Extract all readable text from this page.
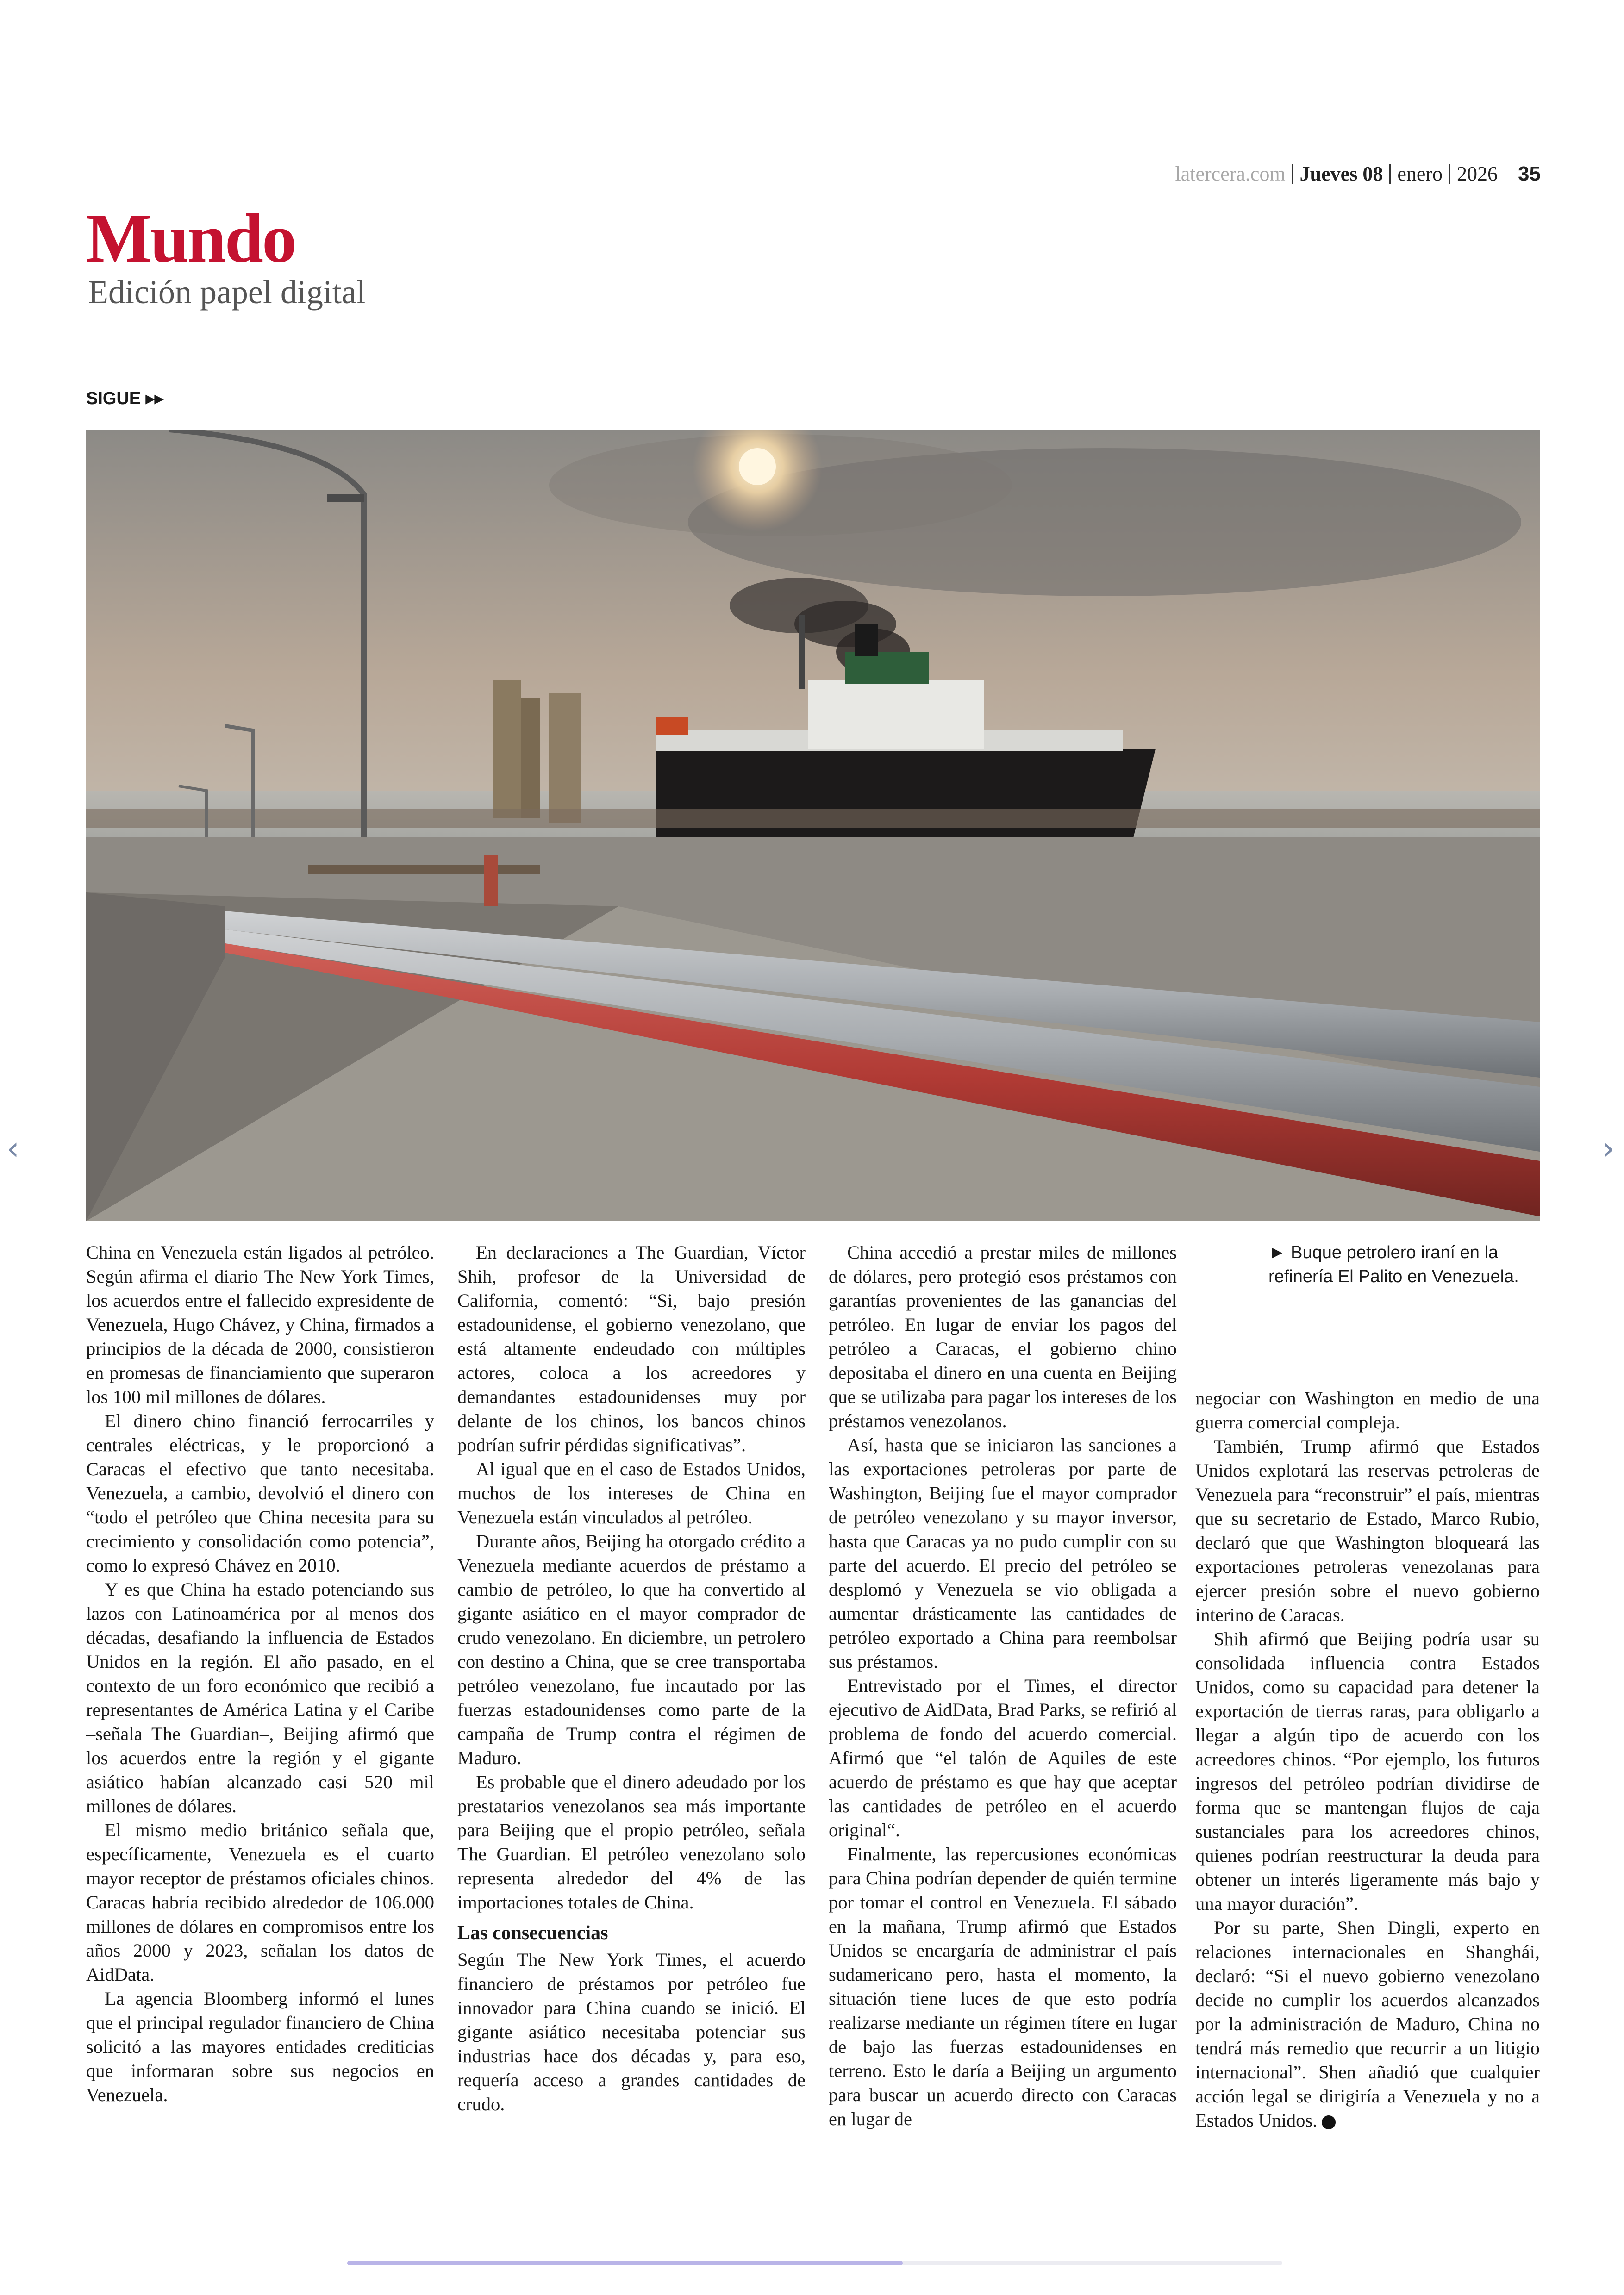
latercera.com Jueves 08 enero 2026 35
Mundo
Edición papel digital
SIGUE ▸▸

China en Venezuela están ligados al petróleo. Según afirma el diario The New York Times, los acuerdos entre el fallecido expresidente de Venezuela, Hugo Chávez, y China, firmados a principios de la década de 2000, consistieron en promesas de financiamiento que superaron los 100 mil millones de dólares.

El dinero chino financió ferrocarriles y centrales eléctricas, y le proporcionó a Caracas el efectivo que tanto necesitaba. Venezuela, a cambio, devolvió el dinero con “todo el petróleo que China necesita para su crecimiento y consolidación como potencia”, como lo expresó Chávez en 2010.

Y es que China ha estado potenciando sus lazos con Latinoamérica por al menos dos décadas, desafiando la influencia de Estados Unidos en la región. El año pasado, en el contexto de un foro económico que recibió a representantes de América Latina y el Caribe –señala The Guardian–, Beijing afirmó que los acuerdos entre la región y el gigante asiático habían alcanzado casi 520 mil millones de dólares.

El mismo medio británico señala que, específicamente, Venezuela es el cuarto mayor receptor de préstamos oficiales chinos. Caracas habría recibido alrededor de 106.000 millones de dólares en compromisos entre los años 2000 y 2023, señalan los datos de AidData.

La agencia Bloomberg informó el lunes que el principal regulador financiero de China solicitó a las mayores entidades crediticias que informaran sobre sus negocios en Venezuela.

En declaraciones a The Guardian, Víctor Shih, profesor de la Universidad de California, comentó: “Si, bajo presión estadounidense, el gobierno venezolano, que está altamente endeudado con múltiples actores, coloca a los acreedores y demandantes estadounidenses muy por delante de los chinos, los bancos chinos podrían sufrir pérdidas significativas”.

Al igual que en el caso de Estados Unidos, muchos de los intereses de China en Venezuela están vinculados al petróleo.

Durante años, Beijing ha otorgado crédito a Venezuela mediante acuerdos de préstamo a cambio de petróleo, lo que ha convertido al gigante asiático en el mayor comprador de crudo venezolano. En diciembre, un petrolero con destino a China, que se cree transportaba petróleo venezolano, fue incautado por las fuerzas estadounidenses como parte de la campaña de Trump contra el régimen de Maduro.

Es probable que el dinero adeudado por los prestatarios venezolanos sea más importante para Beijing que el propio petróleo, señala The Guardian. El petróleo venezolano solo representa alrededor del 4% de las importaciones totales de China.

Las consecuencias

Según The New York Times, el acuerdo financiero de préstamos por petróleo fue innovador para China cuando se inició. El gigante asiático necesitaba potenciar sus industrias hace dos décadas y, para eso, requería acceso a grandes cantidades de crudo.

China accedió a prestar miles de millones de dólares, pero protegió esos préstamos con garantías provenientes de las ganancias del petróleo. En lugar de enviar los pagos del petróleo a Caracas, el gobierno chino depositaba el dinero en una cuenta en Beijing que se utilizaba para pagar los intereses de los préstamos venezolanos.

Así, hasta que se iniciaron las sanciones a las exportaciones petroleras por parte de Washington, Beijing fue el mayor comprador de petróleo venezolano y su mayor inversor, hasta que Caracas ya no pudo cumplir con su parte del acuerdo. El precio del petróleo se desplomó y Venezuela se vio obligada a aumentar drásticamente las cantidades de petróleo exportado a China para reembolsar sus préstamos.

Entrevistado por el Times, el director ejecutivo de AidData, Brad Parks, se refirió al problema de fondo del acuerdo comercial. Afirmó que “el talón de Aquiles de este acuerdo de préstamo es que hay que aceptar las cantidades de petróleo en el acuerdo original“.

Finalmente, las repercusiones económicas para China podrían depender de quién termine por tomar el control en Venezuela. El sábado en la mañana, Trump afirmó que Estados Unidos se encargaría de administrar el país sudamericano pero, hasta el momento, la situación tiene luces de que esto podría realizarse mediante un régimen títere en lugar de bajo las fuerzas estadounidenses en terreno. Esto le daría a Beijing un argumento para buscar un acuerdo directo con Caracas en lugar de

► Buque petrolero iraní en la refinería El Palito en Venezuela.

negociar con Washington en medio de una guerra comercial compleja.

También, Trump afirmó que Estados Unidos explotará las reservas petroleras de Venezuela para “reconstruir” el país, mientras que su secretario de Estado, Marco Rubio, declaró que que Washington bloqueará las exportaciones petroleras venezolanas para ejercer presión sobre el nuevo gobierno interino de Caracas.

Shih afirmó que Beijing podría usar su consolidada influencia contra Estados Unidos, como su capacidad para detener la exportación de tierras raras, para obligarlo a llegar a algún tipo de acuerdo con los acreedores chinos. “Por ejemplo, los futuros ingresos del petróleo podrían dividirse de forma que se mantengan flujos de caja sustanciales para los acreedores chinos, quienes podrían reestructurar la deuda para obtener un interés ligeramente más bajo y una mayor duración”.

Por su parte, Shen Dingli, experto en relaciones internacionales en Shanghái, declaró: “Si el nuevo gobierno venezolano decide no cumplir los acuerdos alcanzados por la administración de Maduro, China no tendrá más remedio que recurrir a un litigio internacional”. Shen añadió que cualquier acción legal se dirigiría a Venezuela y no a Estados Unidos.

‹	›
